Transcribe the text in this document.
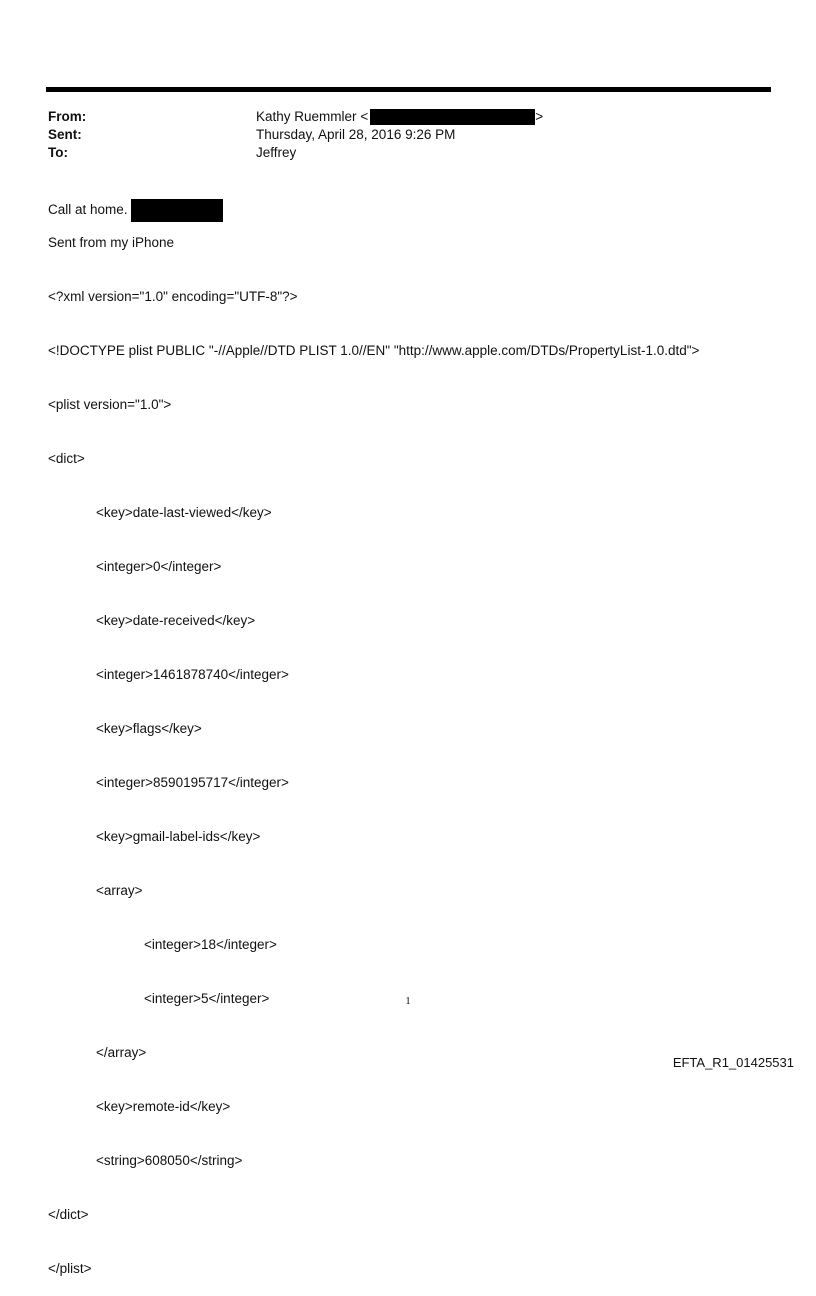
From:	Kathy Ruemmler <	>
Sent:	Thursday, April 28, 2016 9:26 PM
To:	Jeffrey
Call at home.
Sent from my iPhone

<?xml version="1.0" encoding="UTF-8"?>

<!DOCTYPE plist PUBLIC "-//Apple//DTD PLIST 1.0//EN" "http://www.apple.com/DTDs/PropertyList-1.0.dtd">

<plist version="1.0">

<dict>

<key>date-last-viewed</key>

<integer>0</integer>

<key>date-received</key>

<integer>1461878740</integer>

<key>flags</key>

<integer>8590195717</integer>

<key>gmail-label-ids</key>

<array>

<integer>18</integer>

<integer>5</integer>

</array>

<key>remote-id</key>

<string>608050</string>

</dict>

</plist>

1
EFTA_R1_01425531
